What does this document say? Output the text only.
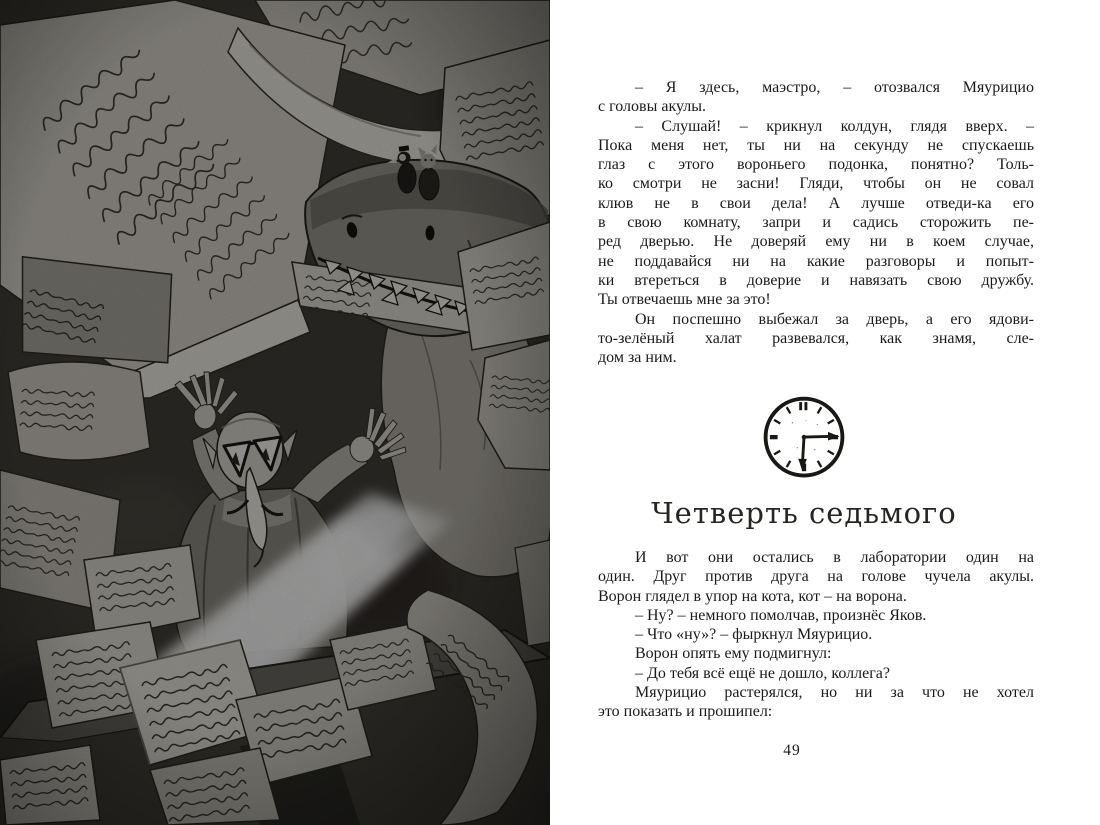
– Я здесь, маэстро, – отозвался Мяурицио
с головы акулы.
– Слушай! – крикнул колдун, глядя вверх. –
Пока меня нет, ты ни на секунду не спускаешь
глаз с этого вороньего подонка, понятно? Толь-
ко смотри не засни! Гляди, чтобы он не совал
клюв не в свои дела! А лучше отведи-ка его
в свою комнату, запри и садись сторожить пе-
ред дверью. Не доверяй ему ни в коем случае,
не поддавайся ни на какие разговоры и попыт-
ки втереться в доверие и навязать свою дружбу.
Ты отвечаешь мне за это!
Он поспешно выбежал за дверь, а его ядови-
то-зелёный халат развевался, как знамя, сле-
дом за ним.
Четверть седьмого
И вот они остались в лаборатории один на
один. Друг против друга на голове чучела акулы.
Ворон глядел в упор на кота, кот – на ворона.
– Ну? – немного помолчав, произнёс Яков.
– Что «ну»? – фыркнул Мяурицио.
Ворон опять ему подмигнул:
– До тебя всё ещё не дошло, коллега?
Мяурицио растерялся, но ни за что не хотел
это показать и прошипел:
49
